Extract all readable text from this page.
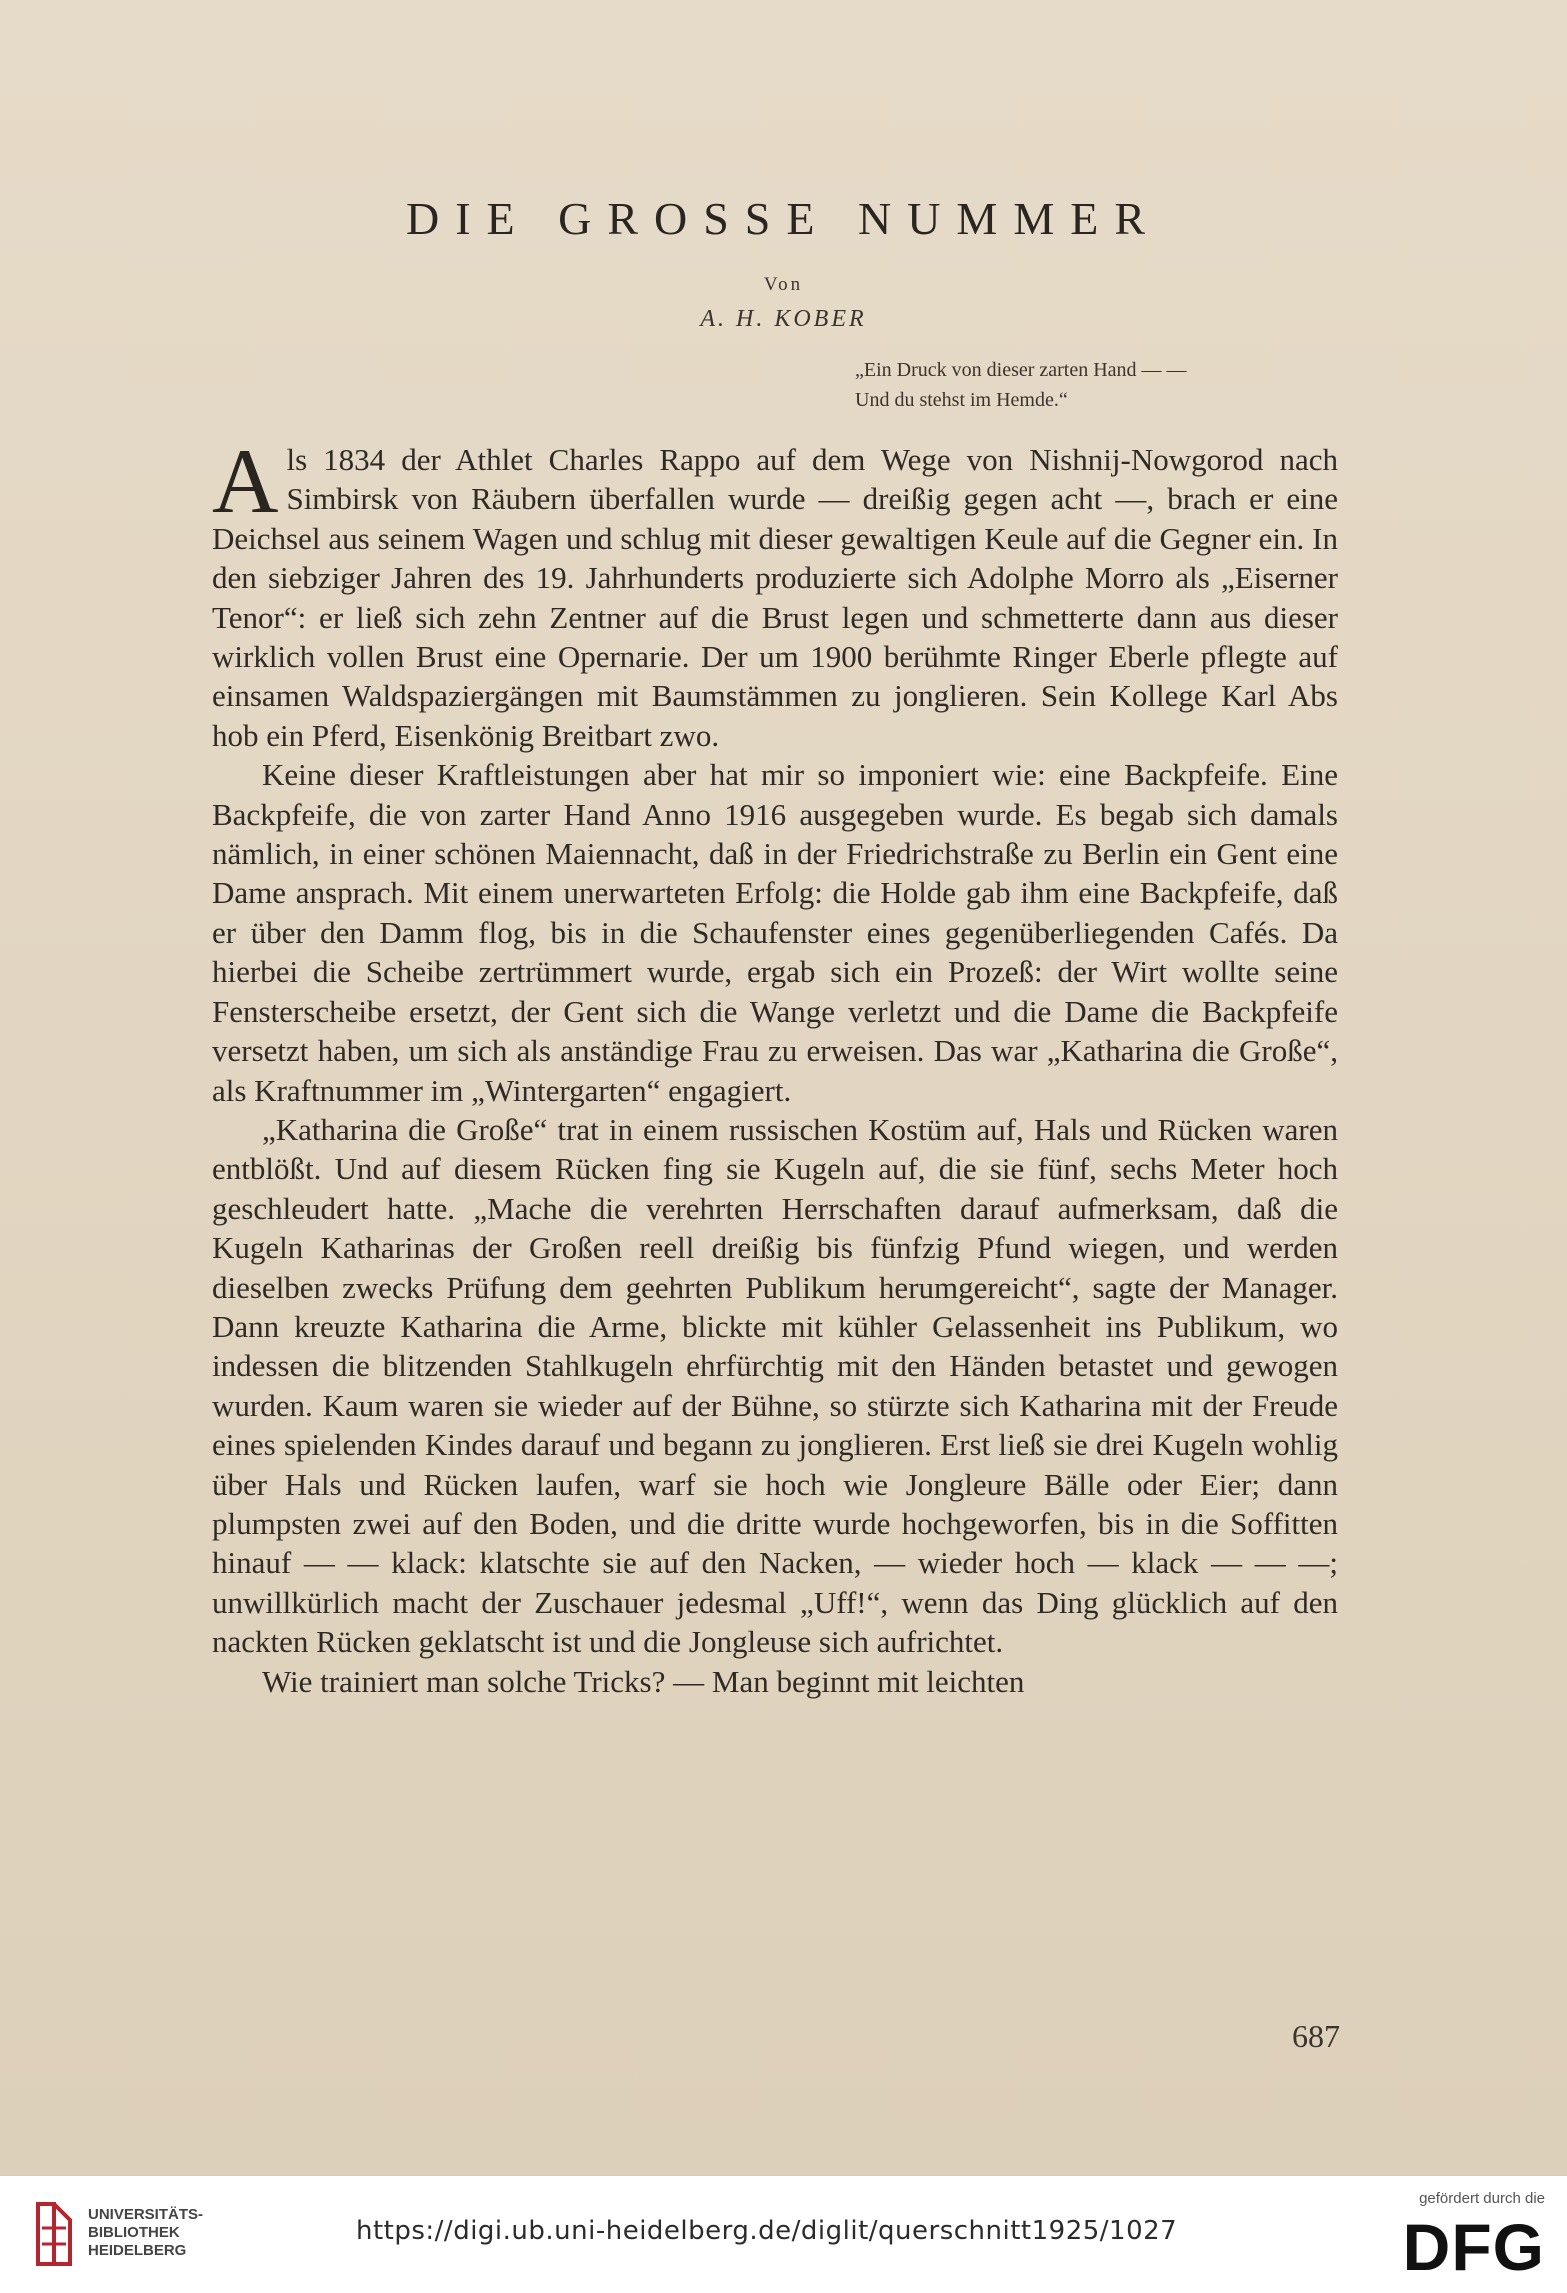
DIE GROSSE NUMMER
Von
A. H. KOBER
„Ein Druck von dieser zarten Hand — —
Und du stehst im Hemde.“

Als 1834 der Athlet Charles Rappo auf dem Wege von Nishnij-Nowgorod nach Simbirsk von Räubern überfallen wurde — dreißig gegen acht —, brach er eine Deichsel aus seinem Wagen und schlug mit dieser gewaltigen Keule auf die Gegner ein. In den siebziger Jahren des 19. Jahrhunderts produzierte sich Adolphe Morro als „Eiserner Tenor“: er ließ sich zehn Zentner auf die Brust legen und schmetterte dann aus dieser wirklich vollen Brust eine Opernarie. Der um 1900 berühmte Ringer Eberle pflegte auf einsamen Waldspaziergängen mit Baumstämmen zu jonglieren. Sein Kollege Karl Abs hob ein Pferd, Eisenkönig Breitbart zwo.

Keine dieser Kraftleistungen aber hat mir so imponiert wie: eine Backpfeife. Eine Backpfeife, die von zarter Hand Anno 1916 ausgegeben wurde. Es begab sich damals nämlich, in einer schönen Maiennacht, daß in der Friedrichstraße zu Berlin ein Gent eine Dame ansprach. Mit einem unerwarteten Erfolg: die Holde gab ihm eine Backpfeife, daß er über den Damm flog, bis in die Schaufenster eines gegenüberliegenden Cafés. Da hierbei die Scheibe zertrümmert wurde, ergab sich ein Prozeß: der Wirt wollte seine Fensterscheibe ersetzt, der Gent sich die Wange verletzt und die Dame die Backpfeife versetzt haben, um sich als anständige Frau zu erweisen. Das war „Katharina die Große“, als Kraftnummer im „Wintergarten“ engagiert.

„Katharina die Große“ trat in einem russischen Kostüm auf, Hals und Rücken waren entblößt. Und auf diesem Rücken fing sie Kugeln auf, die sie fünf, sechs Meter hoch geschleudert hatte. „Mache die verehrten Herrschaften darauf aufmerksam, daß die Kugeln Katharinas der Großen reell dreißig bis fünfzig Pfund wiegen, und werden dieselben zwecks Prüfung dem geehrten Publikum herumgereicht“, sagte der Manager. Dann kreuzte Katharina die Arme, blickte mit kühler Gelassenheit ins Publikum, wo indessen die blitzenden Stahlkugeln ehrfürchtig mit den Händen betastet und gewogen wurden. Kaum waren sie wieder auf der Bühne, so stürzte sich Katharina mit der Freude eines spielenden Kindes darauf und begann zu jonglieren. Erst ließ sie drei Kugeln wohlig über Hals und Rücken laufen, warf sie hoch wie Jongleure Bälle oder Eier; dann plumpsten zwei auf den Boden, und die dritte wurde hochgeworfen, bis in die Soffitten hinauf — — klack: klatschte sie auf den Nacken, — wieder hoch — klack — — —; unwillkürlich macht der Zuschauer jedesmal „Uff!“, wenn das Ding glücklich auf den nackten Rücken geklatscht ist und die Jongleuse sich aufrichtet.

Wie trainiert man solche Tricks? — Man beginnt mit leichten

687
UNIVERSITÄTS-
BIBLIOTHEK
HEIDELBERG
https://digi.ub.uni-heidelberg.de/diglit/querschnitt1925/1027
gefördert durch die
DFG
